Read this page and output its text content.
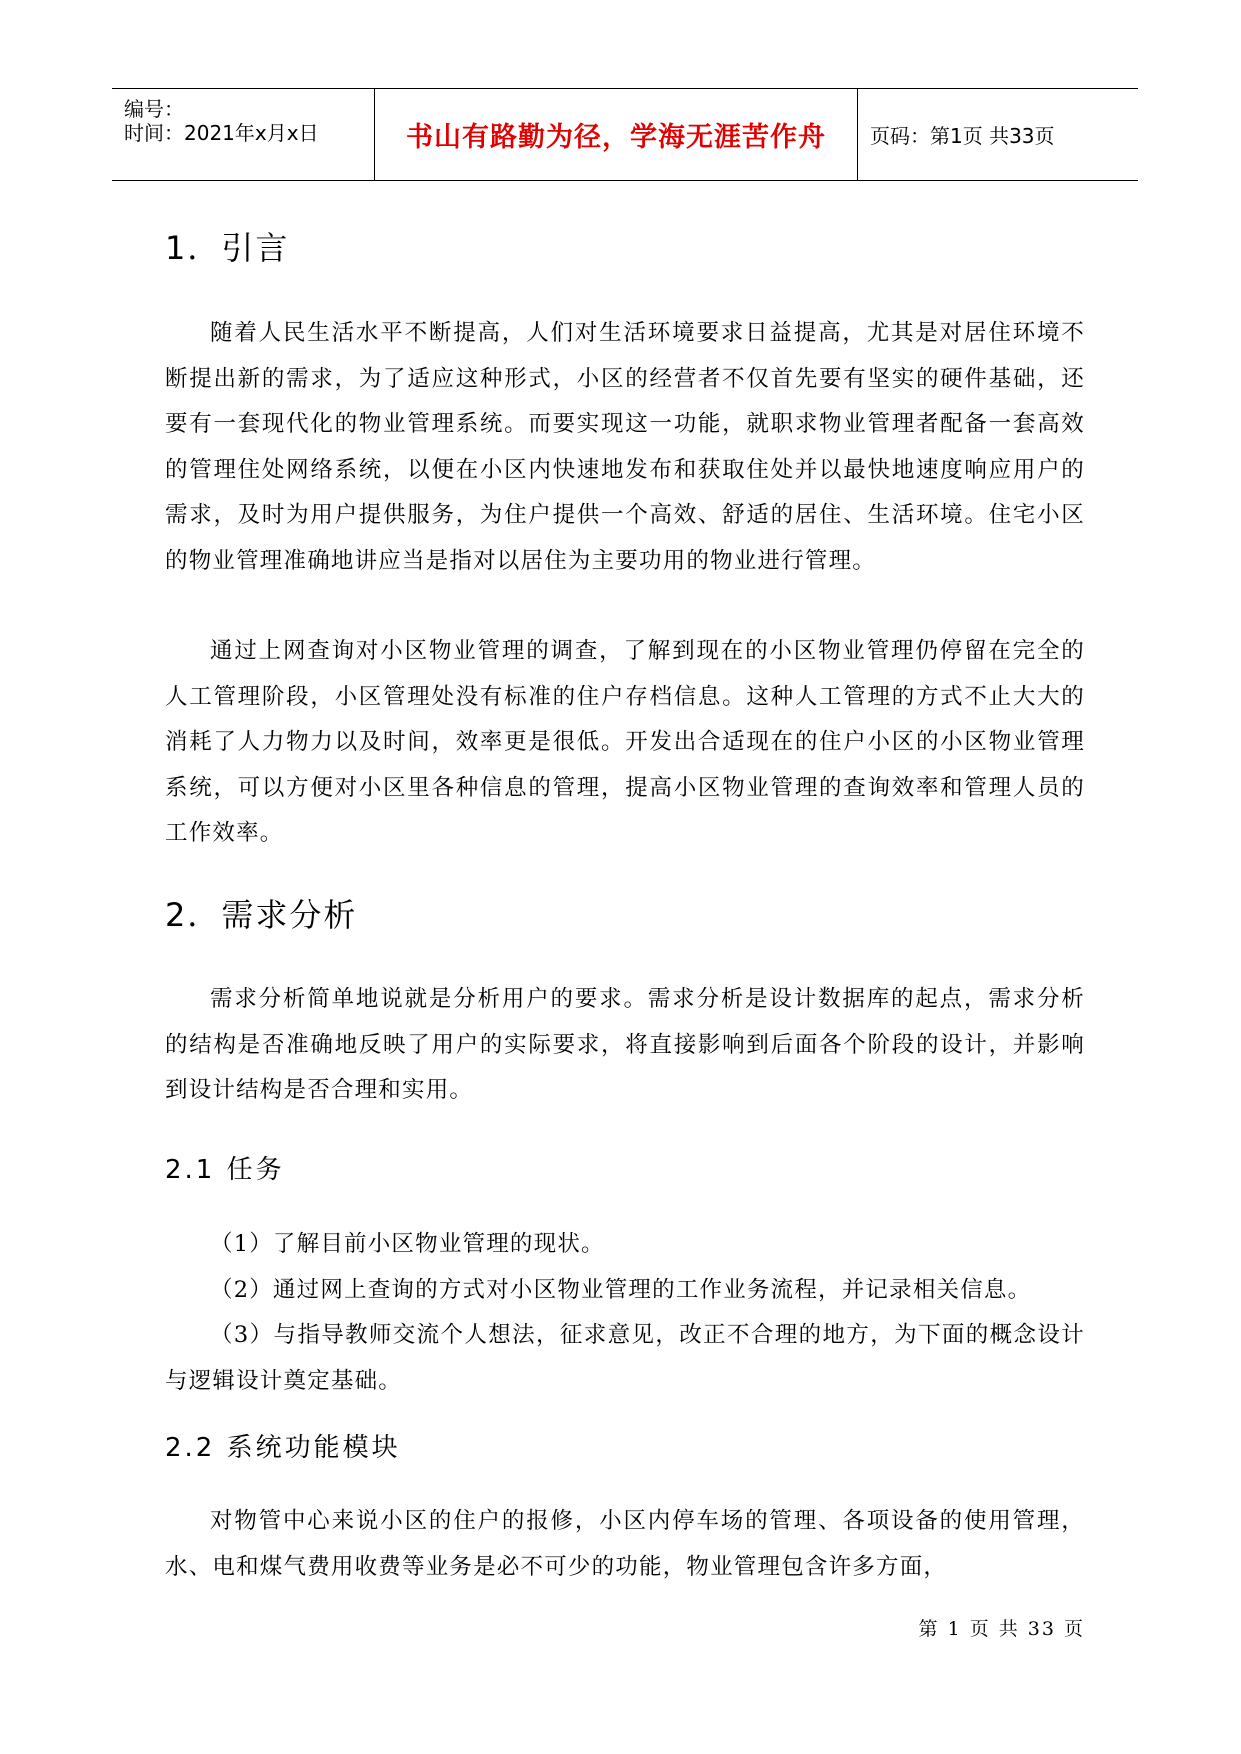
编号：
时间：2021年x月x日	书山有路勤为径，学海无涯苦作舟 页码：第1页 共33页
1．引言

随着人民生活水平不断提高，人们对生活环境要求日益提高，尤其是对居住环境不断提出新的需求，为了适应这种形式，小区的经营者不仅首先要有坚实的硬件基础，还要有一套现代化的物业管理系统。而要实现这一功能，就职求物业管理者配备一套高效的管理住处网络系统，以便在小区内快速地发布和获取住处并以最快地速度响应用户的需求，及时为用户提供服务，为住户提供一个高效、舒适的居住、生活环境。住宅小区的物业管理准确地讲应当是指对以居住为主要功用的物业进行管理。

通过上网查询对小区物业管理的调查，了解到现在的小区物业管理仍停留在完全的人工管理阶段，小区管理处没有标准的住户存档信息。这种人工管理的方式不止大大的消耗了人力物力以及时间，效率更是很低。开发出合适现在的住户小区的小区物业管理系统，可以方便对小区里各种信息的管理，提高小区物业管理的查询效率和管理人员的工作效率。

2．需求分析

需求分析简单地说就是分析用户的要求。需求分析是设计数据库的起点，需求分析的结构是否准确地反映了用户的实际要求，将直接影响到后面各个阶段的设计，并影响到设计结构是否合理和实用。

2.1 任务

（1）了解目前小区物业管理的现状。

（2）通过网上查询的方式对小区物业管理的工作业务流程，并记录相关信息。

（3）与指导教师交流个人想法，征求意见，改正不合理的地方，为下面的概念设计与逻辑设计奠定基础。

2.2 系统功能模块

对物管中心来说小区的住户的报修，小区内停车场的管理、各项设备的使用管理，水、电和煤气费用收费等业务是必不可少的功能，物业管理包含许多方面，

第 1 页 共 33 页
